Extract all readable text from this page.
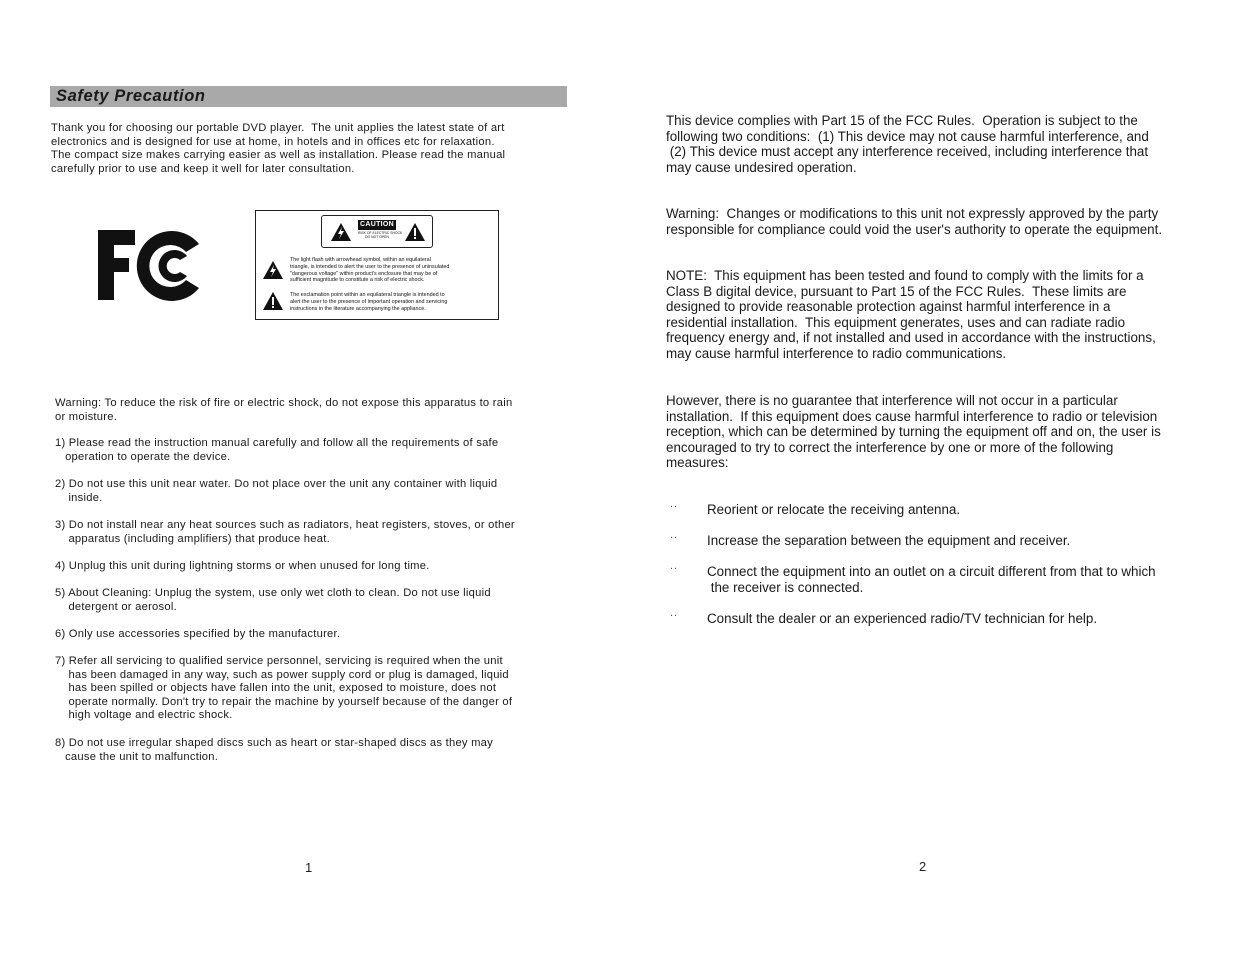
Safety Precaution

Thank you for choosing our portable DVD player.  The unit applies the latest state of art
electronics and is designed for use at home, in hotels and in offices etc for relaxation.
The compact size makes carrying easier as well as installation. Please read the manual
carefully prior to use and keep it well for later consultation.

CAUTION
RISK OF ELECTRIC SHOCK
DO NOT OPEN

The light flash with arrowhead symbol, within an equilateral
triangle, is intended to alert the user to the presence of uninsulated
"dangerous voltage" within product's enclosure that may be of
sufficient magnitude to constitute a risk of electric shock.

The exclamation point within an equilateral triangle is intended to
alert the user to the presence of important operation and servicing
instructions in the literature accompanying the appliance.

Warning: To reduce the risk of fire or electric shock, do not expose this apparatus to rain
or moisture.

1) Please read the instruction manual carefully and follow all the requirements of safe
operation to operate the device.

2) Do not use this unit near water. Do not place over the unit any container with liquid
inside.

3) Do not install near any heat sources such as radiators, heat registers, stoves, or other
apparatus (including amplifiers) that produce heat.

4) Unplug this unit during lightning storms or when unused for long time.

5) About Cleaning: Unplug the system, use only wet cloth to clean. Do not use liquid
detergent or aerosol.

6) Only use accessories specified by the manufacturer.

7) Refer all servicing to qualified service personnel, servicing is required when the unit
has been damaged in any way, such as power supply cord or plug is damaged, liquid
has been spilled or objects have fallen into the unit, exposed to moisture, does not
operate normally. Don't try to repair the machine by yourself because of the danger of
high voltage and electric shock.

8) Do not use irregular shaped discs such as heart or star-shaped discs as they may
cause the unit to malfunction.

1

This device complies with Part 15 of the FCC Rules.  Operation is subject to the
following two conditions:  (1) This device may not cause harmful interference, and
(2) This device must accept any interference received, including interference that
may cause undesired operation.

Warning:  Changes or modifications to this unit not expressly approved by the party
responsible for compliance could void the user's authority to operate the equipment.

NOTE:  This equipment has been tested and found to comply with the limits for a
Class B digital device, pursuant to Part 15 of the FCC Rules.  These limits are
designed to provide reasonable protection against harmful interference in a
residential installation.  This equipment generates, uses and can radiate radio
frequency energy and, if not installed and used in accordance with the instructions,
may cause harmful interference to radio communications.

However, there is no guarantee that interference will not occur in a particular
installation.  If this equipment does cause harmful interference to radio or television
reception, which can be determined by turning the equipment off and on, the user is
encouraged to try to correct the interference by one or more of the following
measures:

.. Reorient or relocate the receiving antenna.

.. Increase the separation between the equipment and receiver.

.. Connect the equipment into an outlet on a circuit different from that to which
the receiver is connected.

.. Consult the dealer or an experienced radio/TV technician for help.

2
